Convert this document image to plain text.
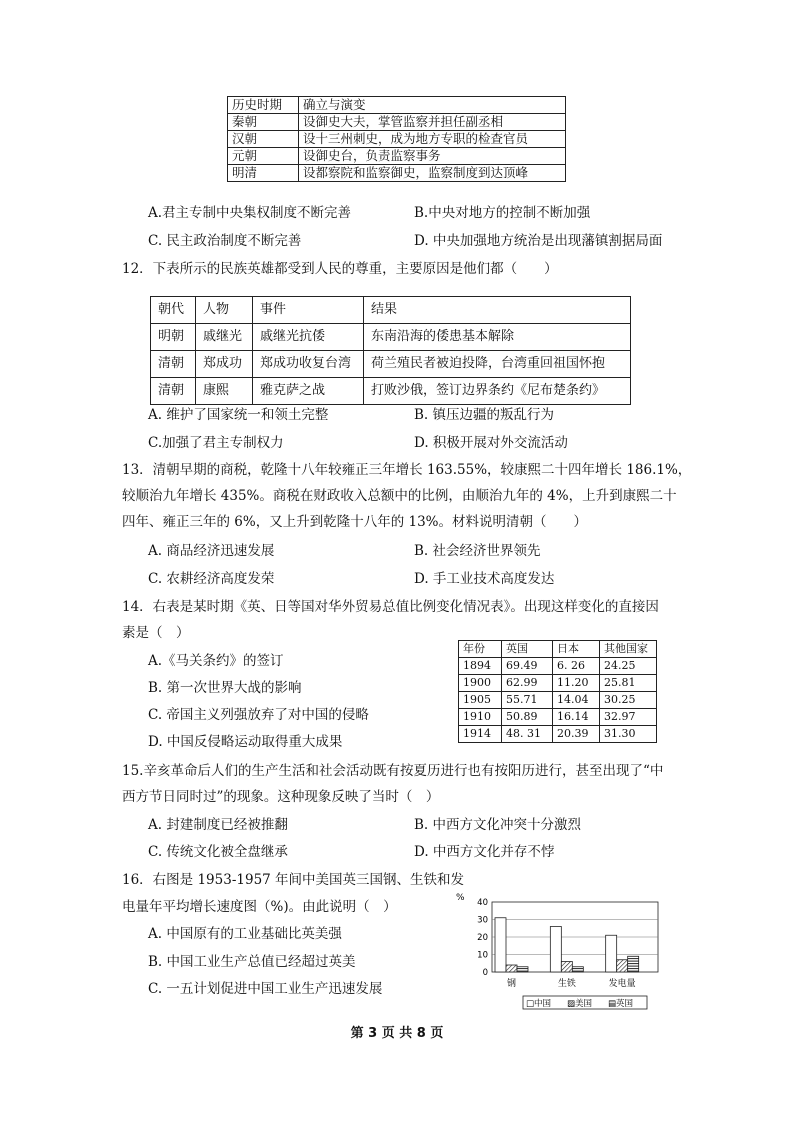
历史时期	确立与演变
秦朝	设御史大夫，掌管监察并担任副丞相
汉朝	设十三州刺史，成为地方专职的检查官员
元朝	设御史台，负责监察事务
明清	设都察院和监察御史，监察制度到达顶峰
A.君主专制中央集权制度不断完善	B.中央对地方的控制不断加强
C. 民主政治制度不断完善	D. 中央加强地方统治是出现藩镇割据局面
12．下表所示的民族英雄都受到人民的尊重，主要原因是他们都（　　）
朝代	人物	事件	结果
明朝	戚继光	戚继光抗倭	东南沿海的倭患基本解除
清朝	郑成功	郑成功收复台湾	荷兰殖民者被迫投降，台湾重回祖国怀抱
清朝	康熙	雅克萨之战	打败沙俄，签订边界条约《尼布楚条约》
A. 维护了国家统一和领土完整	B. 镇压边疆的叛乱行为
C.加强了君主专制权力	D. 积极开展对外交流活动
13．清朝早期的商税，乾隆十八年较雍正三年增长 163.55%，较康熙二十四年增长 186.1%，
较顺治九年增长 435%。商税在财政收入总额中的比例，由顺治九年的 4%，上升到康熙二十
四年、雍正三年的 6%，又上升到乾隆十八年的 13%。材料说明清朝（　　）
A. 商品经济迅速发展	B. 社会经济世界领先
C. 农耕经济高度发荣	D. 手工业技术高度发达
14．右表是某时期《英、日等国对华外贸易总值比例变化情况表》。出现这样变化的直接因
素是（　）
A.《马关条约》的签订
B. 第一次世界大战的影响
C. 帝国主义列强放弃了对中国的侵略
D. 中国反侵略运动取得重大成果
年份	英国	日本	其他国家
1894	69.49	6. 26	24.25
1900	62.99	11.20	25.81
1905	55.71	14.04	30.25
1910	50.89	16.14	32.97
1914	48. 31	20.39	31.30
15.辛亥革命后人们的生产生活和社会活动既有按夏历进行也有按阳历进行，甚至出现了“中
西方节日同时过”的现象。这种现象反映了当时（　）
A. 封建制度已经被推翻	B. 中西方文化冲突十分激烈
C. 传统文化被全盘继承	D. 中西方文化并存不悖
16．右图是 1953-1957 年间中美国英三国钢、生铁和发
电量年平均增长速度图（%)。由此说明（　）
A. 中国原有的工业基础比英美强
B. 中国工业生产总值已经超过英美
C. 一五计划促进中国工业生产迅速发展
%
0
10
20
30
40
钢	生铁	发电量
□中国 ▨美国 ▤英国
第 3 页 共 8 页
